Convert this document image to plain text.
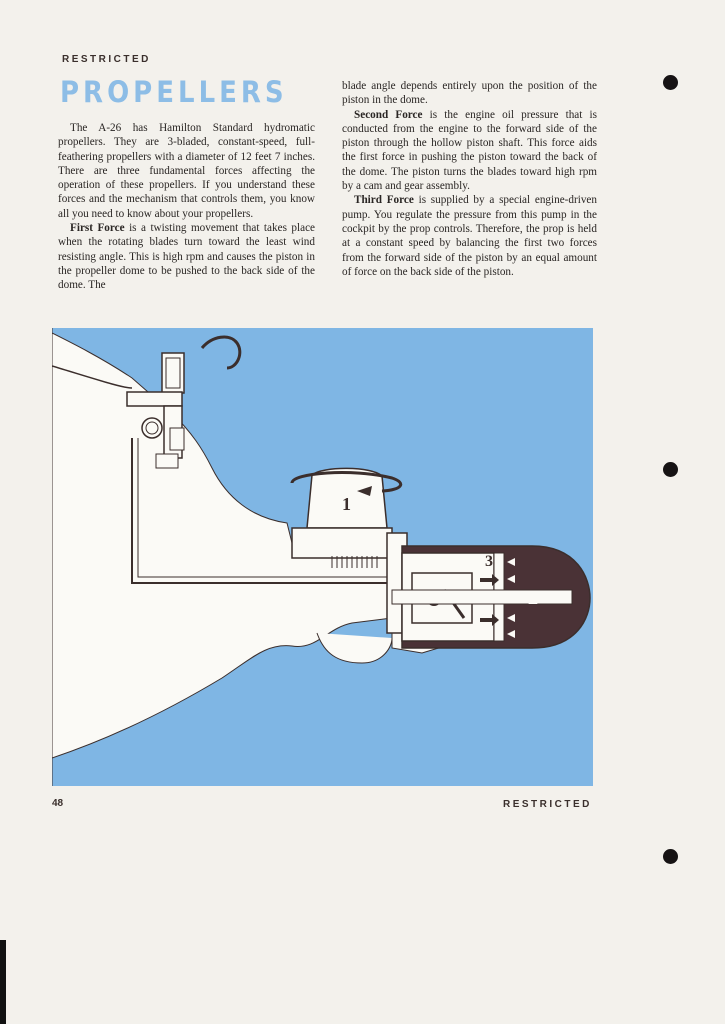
RESTRICTED
PROPELLERS

The A-26 has Hamilton Standard hydromatic propellers. They are 3-bladed, constant-speed, full-feathering propellers with a diameter of 12 feet 7 inches. There are three fundamental forces affecting the operation of these propellers. If you understand these forces and the mechanism that controls them, you know all you need to know about your propellers.

First Force is a twisting movement that takes place when the rotating blades turn toward the least wind resisting angle. This is high rpm and causes the piston in the propeller dome to be pushed to the back side of the dome. The

blade angle depends entirely upon the position of the piston in the dome.

Second Force is the engine oil pressure that is conducted from the engine to the forward side of the piston through the hollow piston shaft. This force aids the first force in pushing the piston toward the back of the dome. The piston turns the blades toward high rpm by a cam and gear assembly.

Third Force is supplied by a special engine-driven pump. You regulate the pressure from this pump in the cockpit by the prop controls. Therefore, the prop is held at a constant speed by balancing the first two forces from the forward side of the piston by an equal amount of force on the back side of the piston.

1
3
2
48	RESTRICTED
